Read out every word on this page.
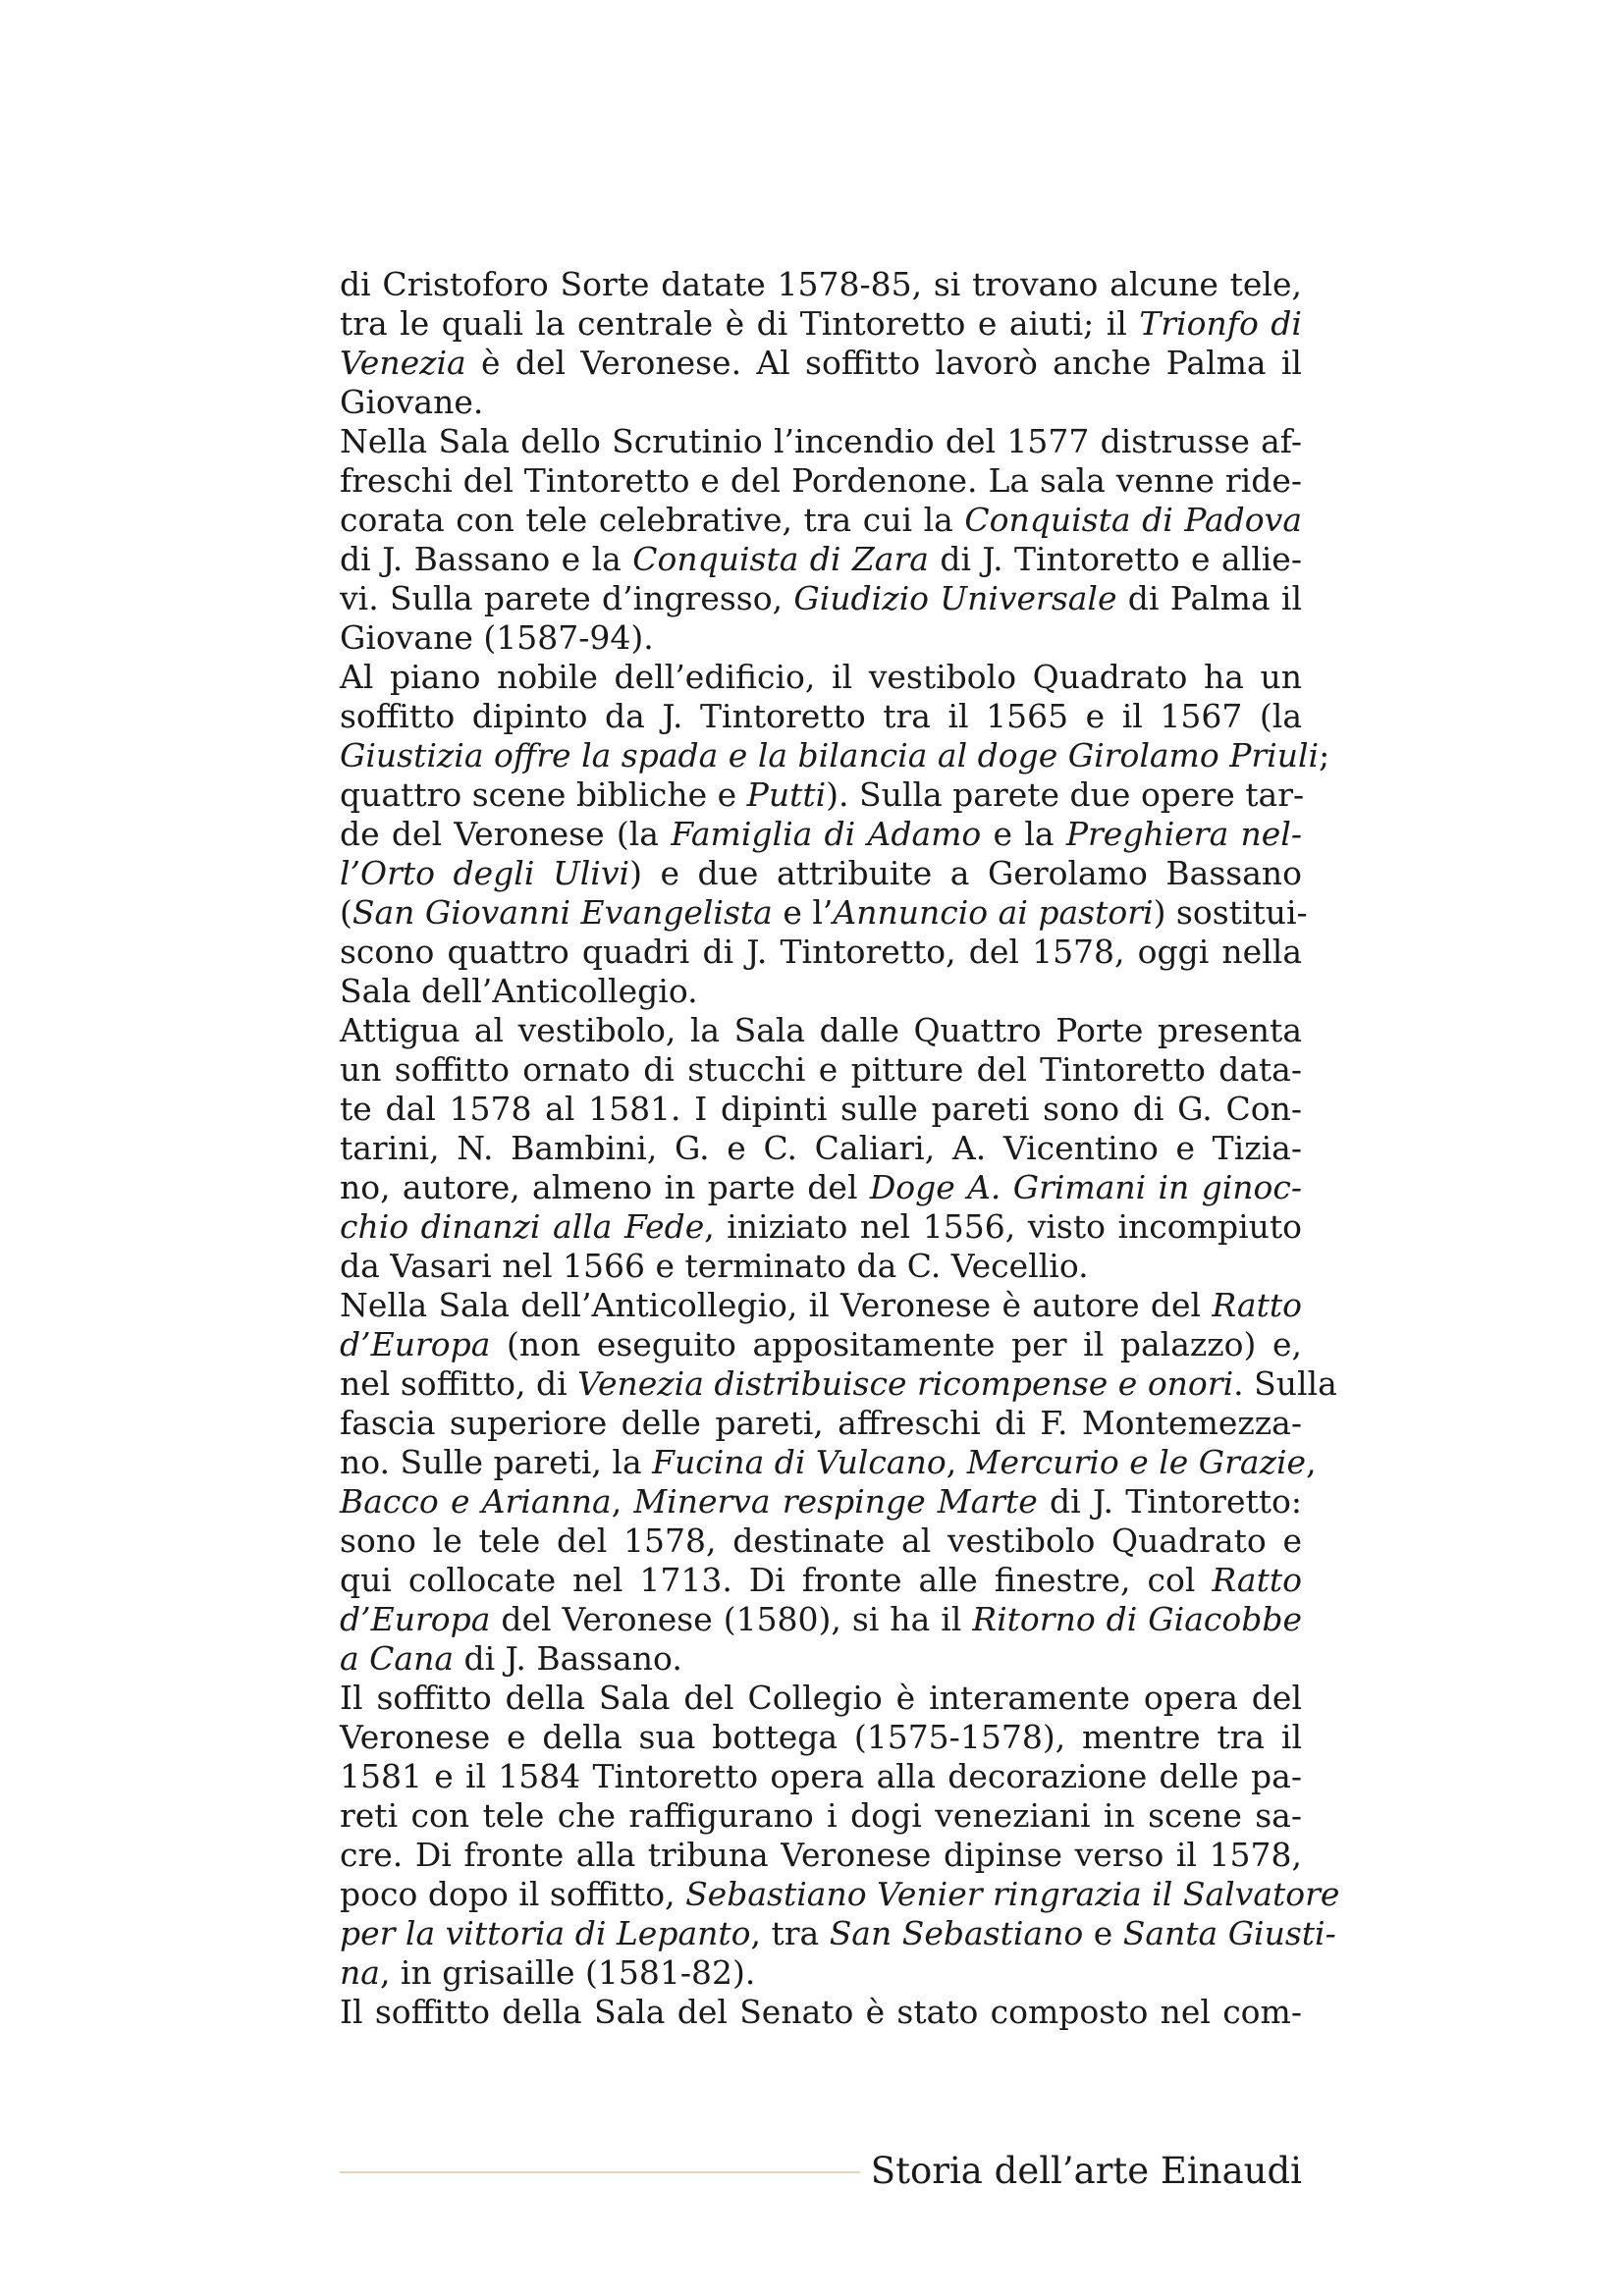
di Cristoforo Sorte datate 1578-85, si trovano alcune tele,
tra le quali la centrale è di Tintoretto e aiuti; il Trionfo di
Venezia è del Veronese. Al soffitto lavorò anche Palma il
Giovane.
Nella Sala dello Scrutinio l’incendio del 1577 distrusse af-
freschi del Tintoretto e del Pordenone. La sala venne ride-
corata con tele celebrative, tra cui la Conquista di Padova
di J. Bassano e la Conquista di Zara di J. Tintoretto e allie-
vi. Sulla parete d’ingresso, Giudizio Universale di Palma il
Giovane (1587-94).
Al piano nobile dell’edificio, il vestibolo Quadrato ha un
soffitto dipinto da J. Tintoretto tra il 1565 e il 1567 (la
Giustizia offre la spada e la bilancia al doge Girolamo Priuli;
quattro scene bibliche e Putti). Sulla parete due opere tar-
de del Veronese (la Famiglia di Adamo e la Preghiera nel-
l’Orto degli Ulivi) e due attribuite a Gerolamo Bassano
(San Giovanni Evangelista e l’Annuncio ai pastori) sostitui-
scono quattro quadri di J. Tintoretto, del 1578, oggi nella
Sala dell’Anticollegio.
Attigua al vestibolo, la Sala dalle Quattro Porte presenta
un soffitto ornato di stucchi e pitture del Tintoretto data-
te dal 1578 al 1581. I dipinti sulle pareti sono di G. Con-
tarini, N. Bambini, G. e C. Caliari, A. Vicentino e Tizia-
no, autore, almeno in parte del Doge A. Grimani in ginoc-
chio dinanzi alla Fede, iniziato nel 1556, visto incompiuto
da Vasari nel 1566 e terminato da C. Vecellio.
Nella Sala dell’Anticollegio, il Veronese è autore del Ratto
d’Europa (non eseguito appositamente per il palazzo) e,
nel soffitto, di Venezia distribuisce ricompense e onori. Sulla
fascia superiore delle pareti, affreschi di F. Montemezza-
no. Sulle pareti, la Fucina di Vulcano, Mercurio e le Grazie,
Bacco e Arianna, Minerva respinge Marte di J. Tintoretto:
sono le tele del 1578, destinate al vestibolo Quadrato e
qui collocate nel 1713. Di fronte alle finestre, col Ratto
d’Europa del Veronese (1580), si ha il Ritorno di Giacobbe
a Cana di J. Bassano.
Il soffitto della Sala del Collegio è interamente opera del
Veronese e della sua bottega (1575-1578), mentre tra il
1581 e il 1584 Tintoretto opera alla decorazione delle pa-
reti con tele che raffigurano i dogi veneziani in scene sa-
cre. Di fronte alla tribuna Veronese dipinse verso il 1578,
poco dopo il soffitto, Sebastiano Venier ringrazia il Salvatore
per la vittoria di Lepanto, tra San Sebastiano e Santa Giusti-
na, in grisaille (1581-82).
Il soffitto della Sala del Senato è stato composto nel com-
Storia dell’arte Einaudi
